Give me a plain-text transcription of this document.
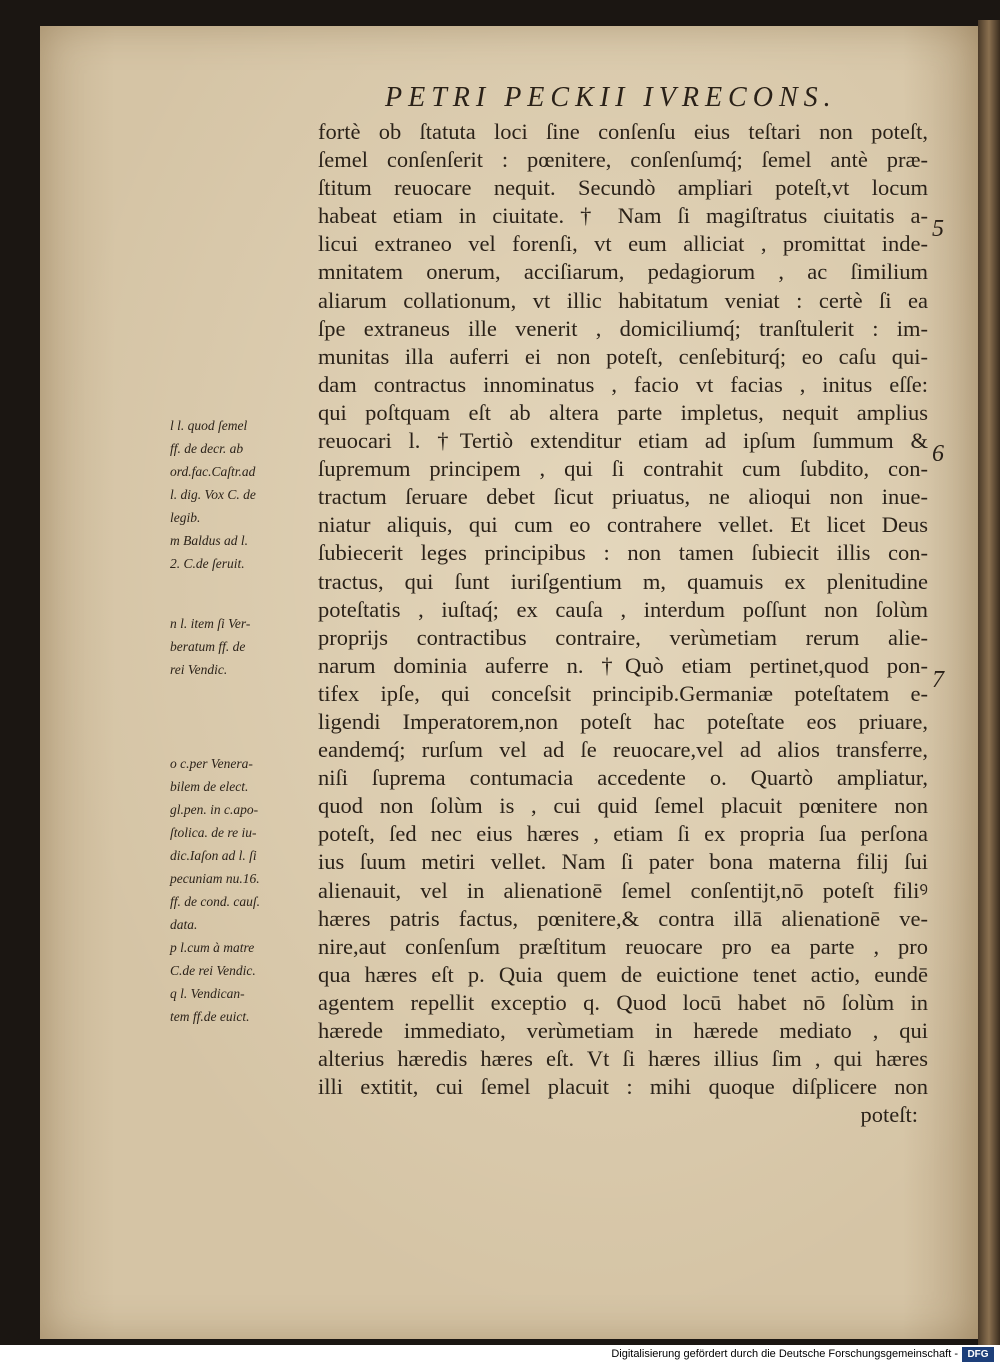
PETRI PECKII IVRECONS.
fortè ob ſtatuta loci ſine conſenſu eius teſtari non poteſt,
ſemel conſenſerit : pœnitere, conſenſumq́; ſemel antè præ-
ſtitum reuocare nequit. Secundò ampliari poteſt,vt locum
habeat etiam in ciuitate. † Nam ſi magiſtratus ciuitatis a-
licui extraneo vel forenſi, vt eum alliciat , promittat inde-
mnitatem onerum, acciſiarum, pedagiorum , ac ſimilium
aliarum collationum, vt illic habitatum veniat : certè ſi ea
ſpe extraneus ille venerit , domiciliumq́; tranſtulerit : im-
munitas illa auferri ei non poteſt, cenſebiturq́; eo caſu qui-
dam contractus innominatus , facio vt facias , initus eſſe:
qui poſtquam eſt ab altera parte impletus, nequit amplius
reuocari l. †Tertiò extenditur etiam ad ipſum ſummum &
ſupremum principem , qui ſi contrahit cum ſubdito, con-
tractum ſeruare debet ſicut priuatus, ne alioqui non inue-
niatur aliquis, qui cum eo contrahere vellet. Et licet Deus
ſubiecerit leges principibus : non tamen ſubiecit illis con-
tractus, qui ſunt iuriſgentium m, quamuis ex plenitudine
poteſtatis , iuſtaq́; ex cauſa , interdum poſſunt non ſolùm
proprijs contractibus contraire, verùmetiam rerum alie-
narum dominia auferre n. †Quò etiam pertinet,quod pon-
tifex ipſe, qui conceſsit principib.Germaniæ poteſtatem e-
ligendi Imperatorem,non poteſt hac poteſtate eos priuare,
eandemq́; rurſum vel ad ſe reuocare,vel ad alios transferre,
niſi ſuprema contumacia accedente o. Quartò ampliatur,
quod non ſolùm is , cui quid ſemel placuit pœnitere non
poteſt, ſed nec eius hæres , etiam ſi ex propria ſua perſona
ius ſuum metiri vellet. Nam ſi pater bona materna filij ſui
alienauit, vel in alienationē ſemel conſentijt,nō poteſt filiꝰ
hæres patris factus, pœnitere,& contra illā alienationē ve-
nire,aut conſenſum præſtitum reuocare pro ea parte , pro
qua hæres eſt p. Quia quem de euictione tenet actio, eundē
agentem repellit exceptio q. Quod locū habet nō ſolùm in
hærede immediato, verùmetiam in hærede mediato , qui
alterius hæredis hæres eſt. Vt ſi hæres illius ſim , qui hæres
illi extitit, cui ſemel placuit : mihi quoque diſplicere non
poteſt:
5
6
7
l l. quod ſemel
ff. de decr. ab
ord.fac.Caſtr.ad
l. dig. Vox C. de
legib.
m Baldus ad l.
2. C.de ſeruit.
n l. item ſi Ver-
beratum ff. de
rei Vendic.
o c.per Venera-
bilem de elect.
gl.pen. in c.apo-
ſtolica. de re iu-
dic.Iaſon ad l. ſi
pecuniam nu.16.
ff. de cond. cauſ.
data.
p l.cum à matre
C.de rei Vendic.
q l. Vendican-
tem ff.de euict.
Digitalisierung gefördert durch die Deutsche Forschungsgemeinschaft - DFG
